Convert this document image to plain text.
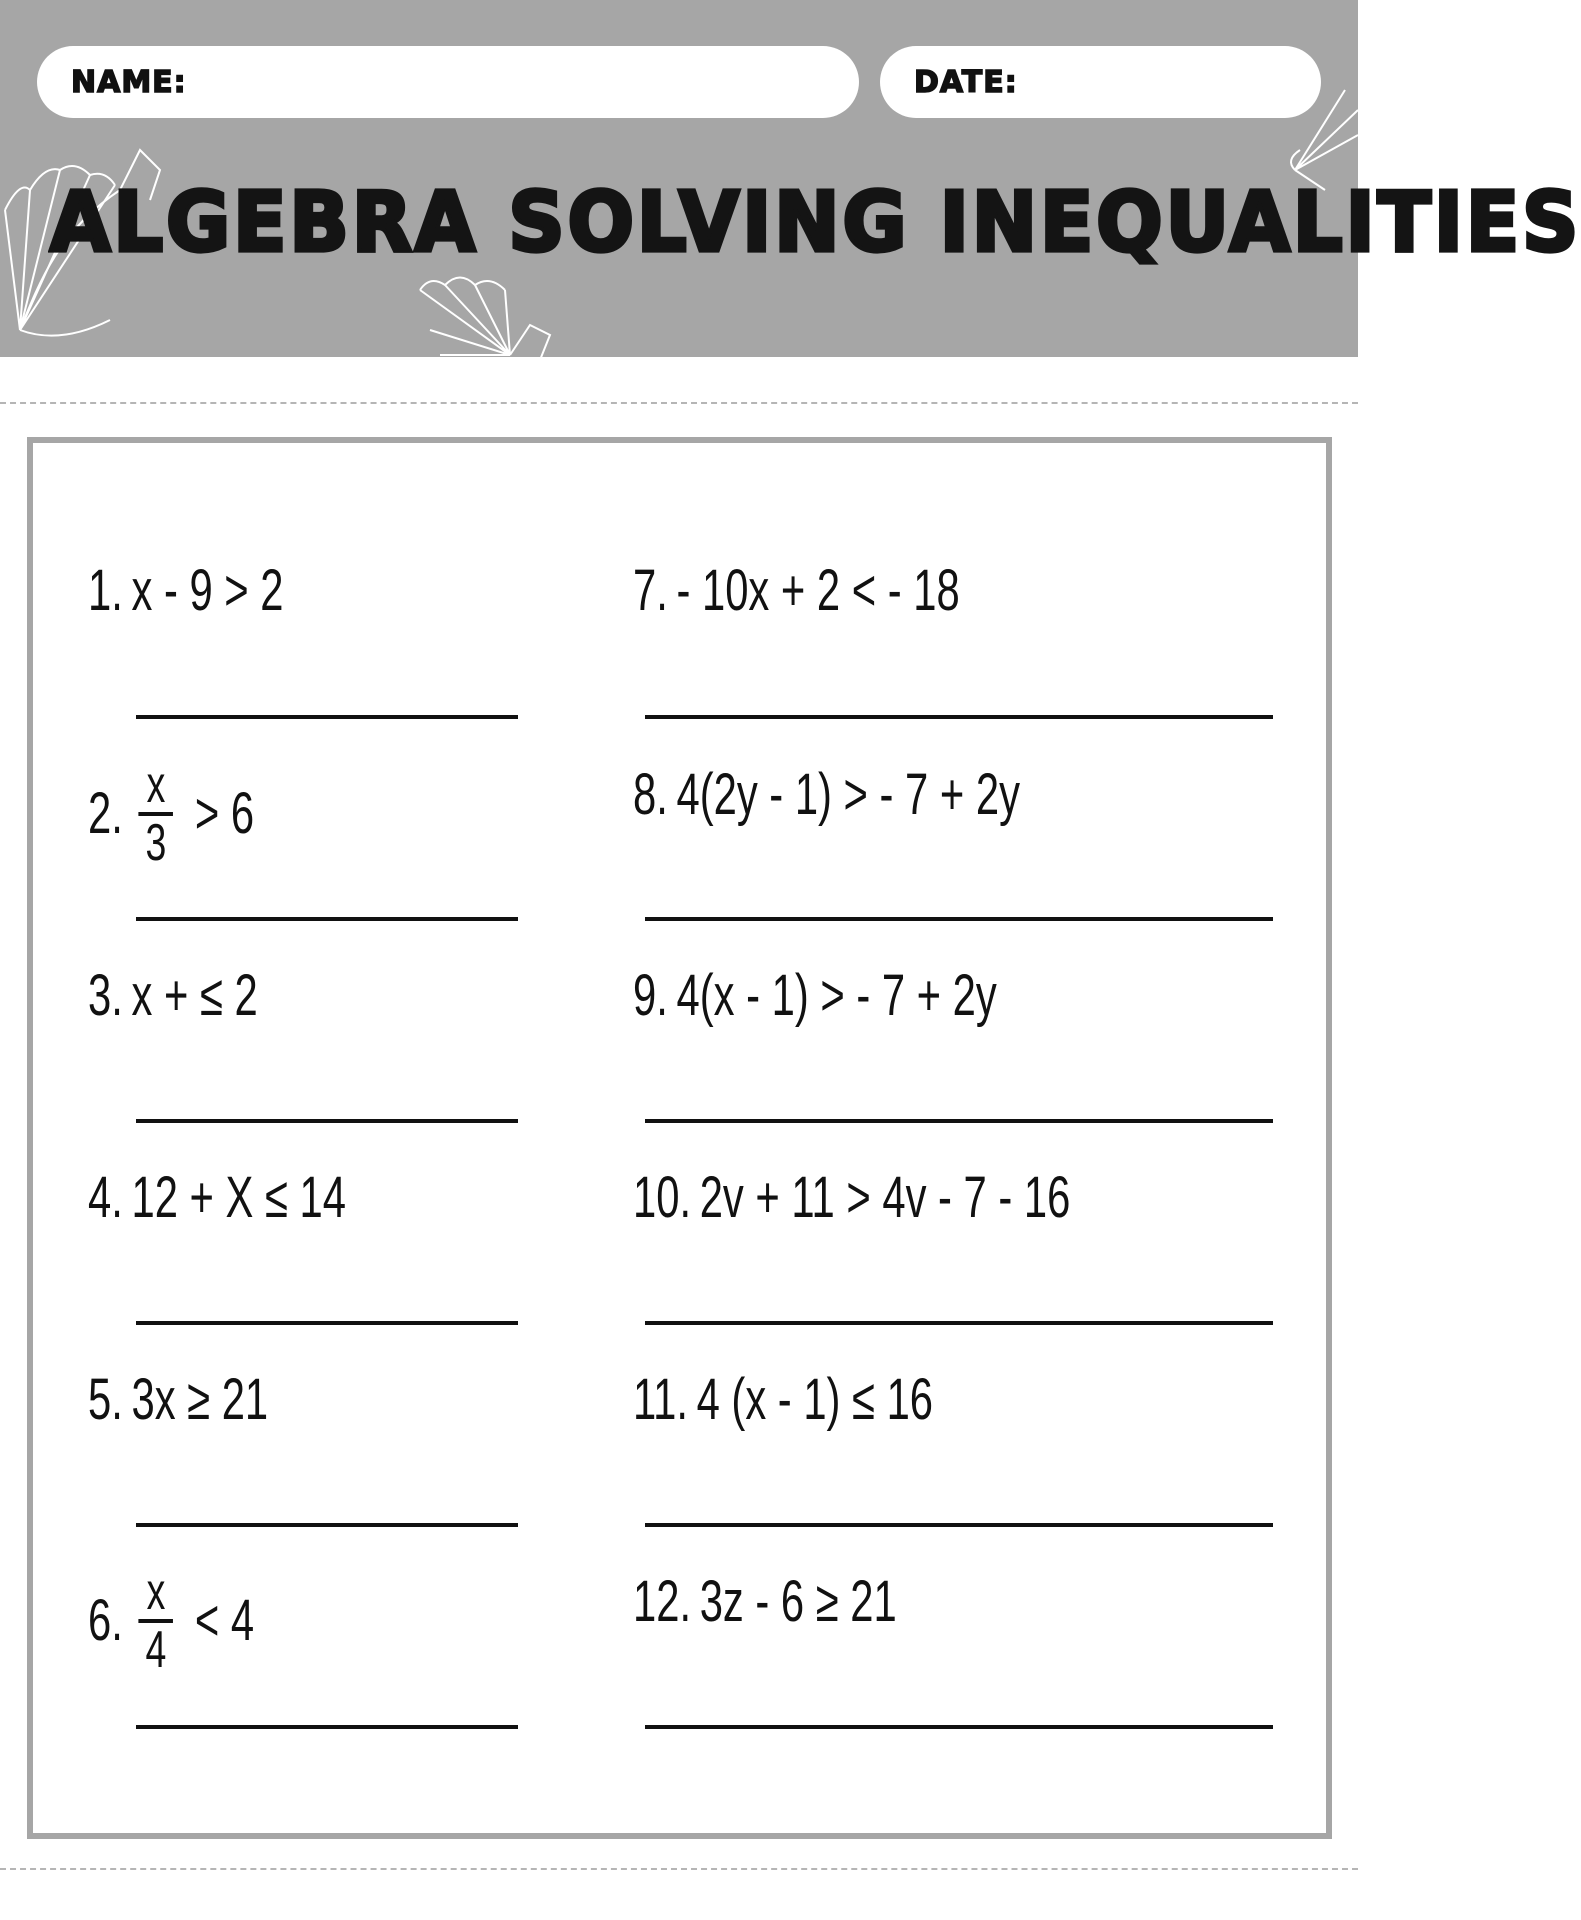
NAME:	DATE:
ALGEBRA SOLVING INEQUALITIES
1. x - 9 > 2
2. $\frac{x}{3} > 6$
3. x + ≤ 2
4. 12 + X ≤ 14
5. 3x ≥ 21
6. $\frac{x}{4} < 4$
7. - 10x + 2 < - 18
8. 4(2y - 1) > - 7 + 2y
9. 4(x - 1) > - 7 + 2y
10. 2v + 11 > 4v - 7 - 16
11. 4 (x - 1) ≤ 16
12. 3z - 6 ≥ 21
